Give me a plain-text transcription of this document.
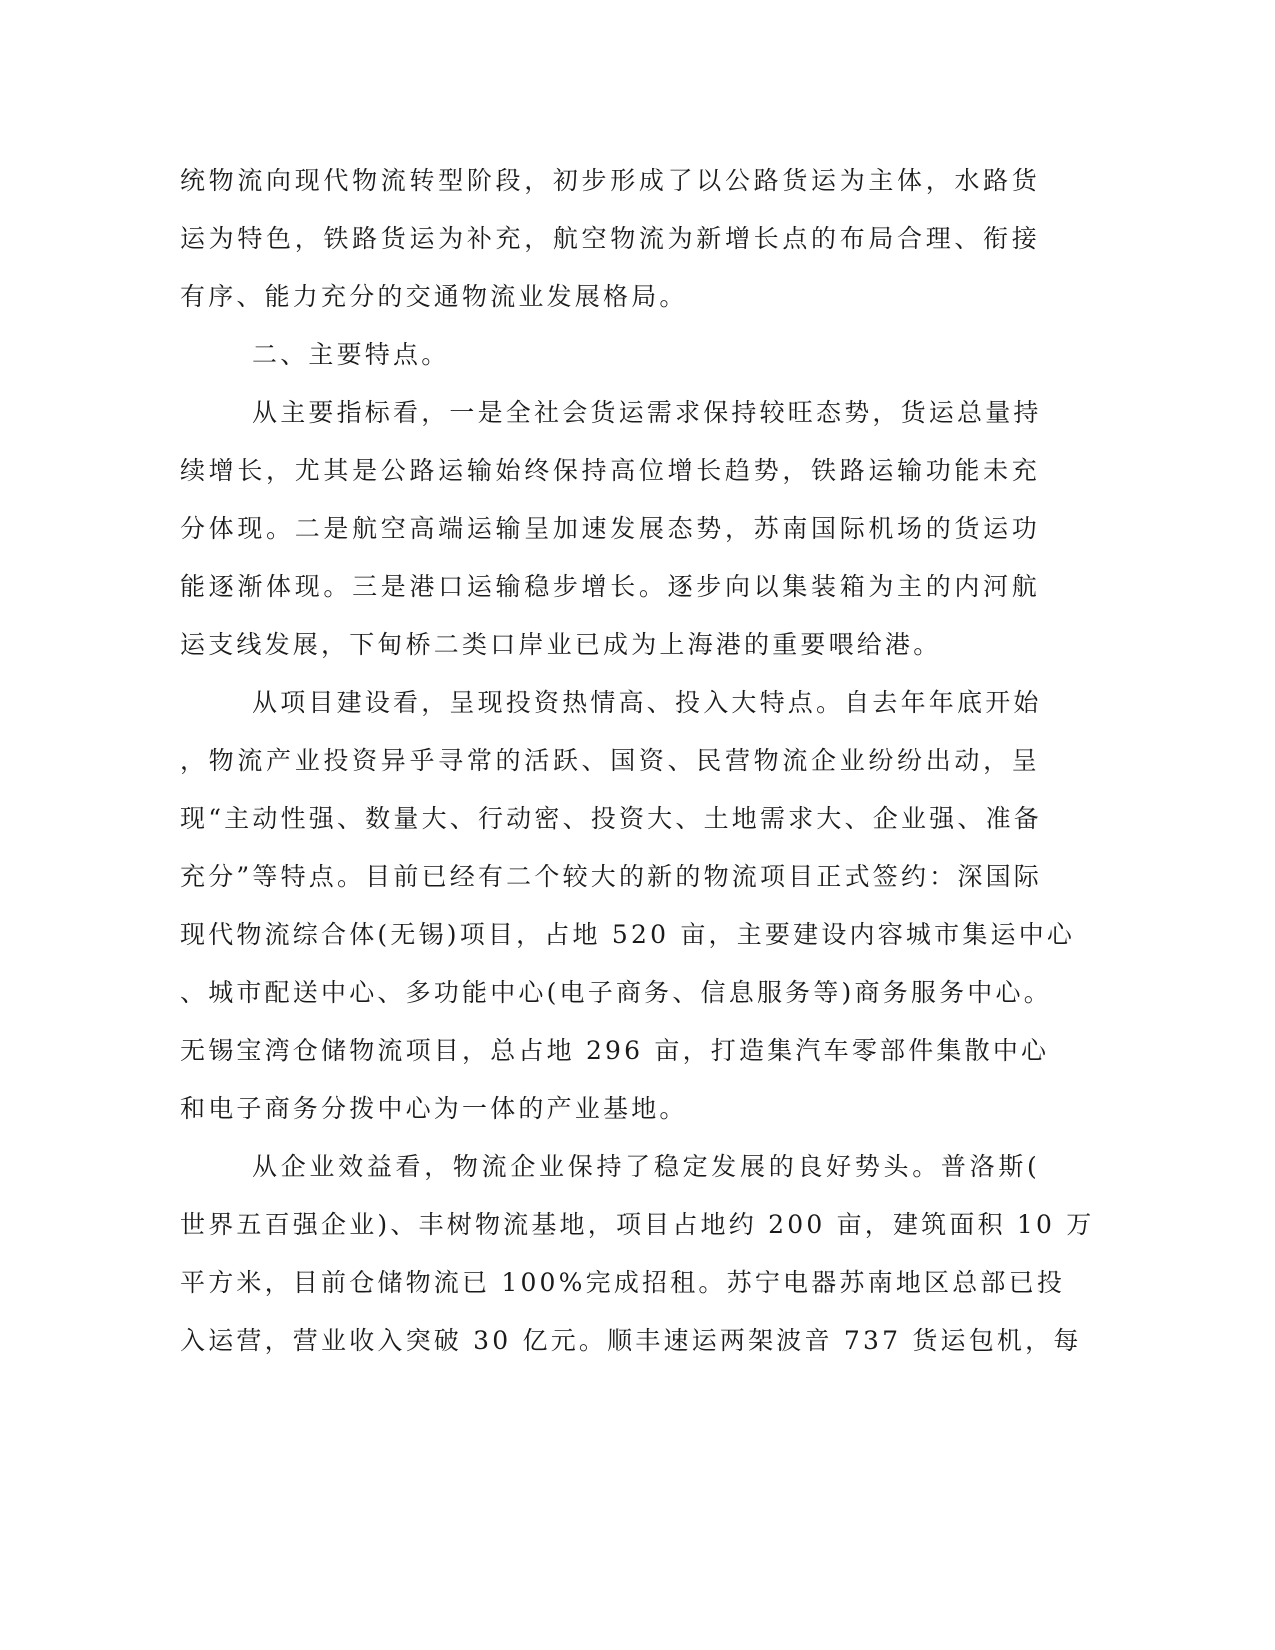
统物流向现代物流转型阶段，初步形成了以公路货运为主体，水路货
运为特色，铁路货运为补充，航空物流为新增长点的布局合理、衔接
有序、能力充分的交通物流业发展格局。
二、主要特点。
从主要指标看，一是全社会货运需求保持较旺态势，货运总量持
续增长，尤其是公路运输始终保持高位增长趋势，铁路运输功能未充
分体现。二是航空高端运输呈加速发展态势，苏南国际机场的货运功
能逐渐体现。三是港口运输稳步增长。逐步向以集装箱为主的内河航
运支线发展，下甸桥二类口岸业已成为上海港的重要喂给港。
从项目建设看，呈现投资热情高、投入大特点。自去年年底开始
，物流产业投资异乎寻常的活跃、国资、民营物流企业纷纷出动，呈
现“主动性强、数量大、行动密、投资大、土地需求大、企业强、准备
充分”等特点。目前已经有二个较大的新的物流项目正式签约：深国际
现代物流综合体(无锡)项目，占地 520 亩，主要建设内容城市集运中心
、城市配送中心、多功能中心(电子商务、信息服务等)商务服务中心。
无锡宝湾仓储物流项目，总占地 296 亩，打造集汽车零部件集散中心
和电子商务分拨中心为一体的产业基地。
从企业效益看，物流企业保持了稳定发展的良好势头。普洛斯(
世界五百强企业)、丰树物流基地，项目占地约 200 亩，建筑面积 10 万
平方米，目前仓储物流已 100%完成招租。苏宁电器苏南地区总部已投
入运营，营业收入突破 30 亿元。顺丰速运两架波音 737 货运包机，每
